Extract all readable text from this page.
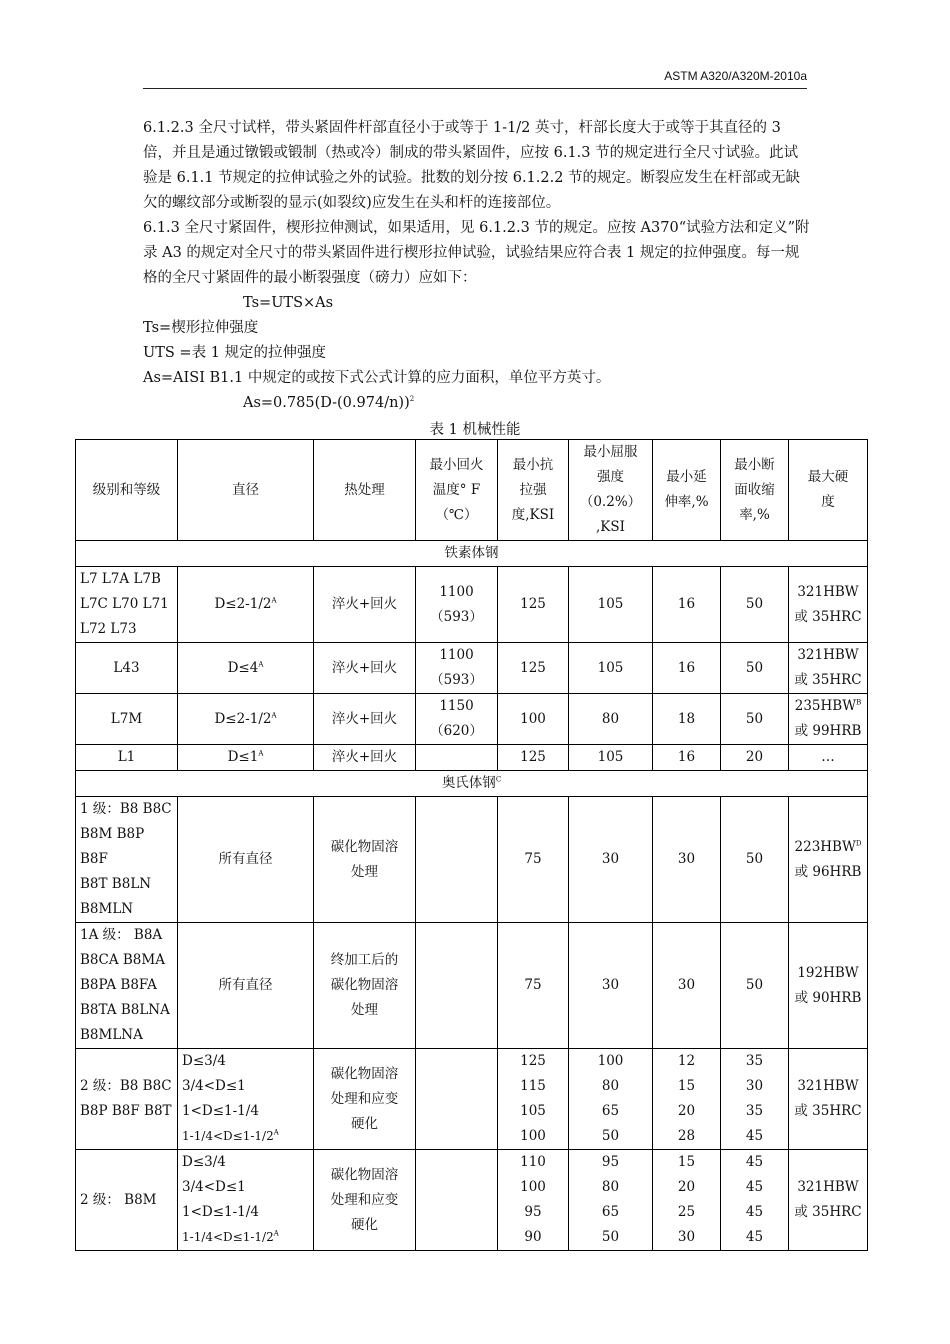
ASTM A320/A320M-2010a

6.1.2.3 全尺寸试样，带头紧固件杆部直径小于或等于 1-1/2 英寸，杆部长度大于或等于其直径的 3 倍，并且是通过镦锻或锻制（热或冷）制成的带头紧固件，应按 6.1.3 节的规定进行全尺寸试验。此试验是 6.1.1 节规定的拉伸试验之外的试验。批数的划分按 6.1.2.2 节的规定。断裂应发生在杆部或无缺欠的螺纹部分或断裂的显示(如裂纹)应发生在头和杆的连接部位。

6.1.3 全尺寸紧固件，楔形拉伸测试，如果适用，见 6.1.2.3 节的规定。应按 A370“试验方法和定义”附录 A3 的规定对全尺寸的带头紧固件进行楔形拉伸试验，试验结果应符合表 1 规定的拉伸强度。每一规格的全尺寸紧固件的最小断裂强度（磅力）应如下：

Ts=UTS×As

Ts=楔形拉伸强度

UTS =表 1 规定的拉伸强度

As=AISI B1.1 中规定的或按下式公式计算的应力面积，单位平方英寸。

$As=0.785(D-(0.974/n))^2$

表 1 机械性能
级别和等级	直径	热处理	最小回火
温度° F
（℃）	最小抗
拉强
度,KSI	最小屈服
强度
（0.2%）
,KSI	最小延
伸率,%	最小断
面收缩
率,%	最大硬
度
铁素体钢								
L7 L7A L7B
L7C L70 L71
L72 L73	$D\le 2-1/2^A$	淬火+回火	1100
（593）	125	105	16	50	321HBW
或 35HRC
L43	$D\le 4^A$	淬火+回火	1100
（593）	125	105	16	50	321HBW
或 35HRC
L7M	$D\le 2-1/2^A$	淬火+回火	1150
（620）	100	80	18	50	$235HBW^B$
或 99HRB
L1	$D\le 1^A$	淬火+回火		125	105	16	20	…
奥氏体钢$^C$
1 级：B8 B8C
B8M B8P B8F
B8T B8LN
B8MLN	所有直径	碳化物固溶
处理		75	30	30	50	$223HBW^D$
或 96HRB
1A 级： B8A
B8CA B8MA
B8PA B8FA
B8TA B8LNA
B8MLNA	所有直径	终加工后的
碳化物固溶
处理		75	30	30	50	192HBW
或 90HRB
2 级：B8 B8C
B8P B8F B8T	D≤3/4
3/4<D≤1
1<D≤1-1/4
$1-1/4<D\le 1-1/2^A$	碳化物固溶
处理和应变
硬化		125
115
105
100	100
80
65
50	12
15
20
28	35
30
35
45	321HBW
或 35HRC
2 级： B8M	D≤3/4
3/4<D≤1
1<D≤1-1/4
$1-1/4<D\le 1-1/2^A$	碳化物固溶
处理和应变
硬化		110
100
95
90	95
80
65
50	15
20
25
30	45
45
45
45	321HBW
或 35HRC
